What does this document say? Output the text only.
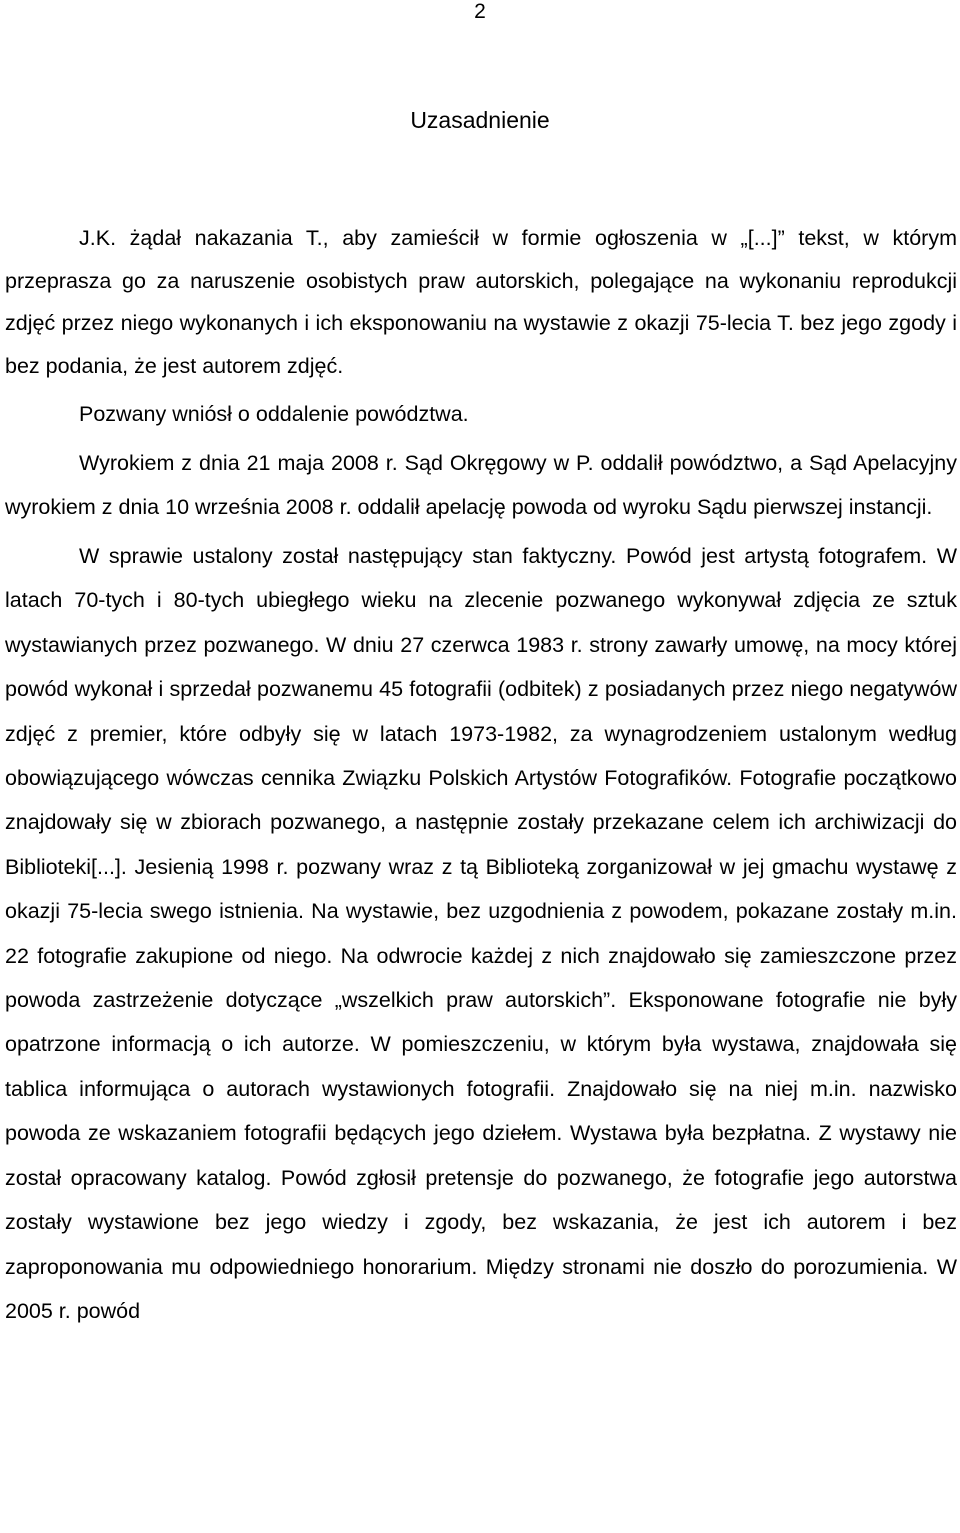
2
Uzasadnienie

J.K. żądał nakazania T., aby zamieścił w formie ogłoszenia w „[...]” tekst, w którym przeprasza go za naruszenie osobistych praw autorskich, polegające na wykonaniu reprodukcji zdjęć przez niego wykonanych i ich eksponowaniu na wystawie z okazji 75-lecia T. bez jego zgody i bez podania, że jest autorem zdjęć.

Pozwany wniósł o oddalenie powództwa.

Wyrokiem z dnia 21 maja 2008 r. Sąd Okręgowy w P. oddalił powództwo, a Sąd Apelacyjny wyrokiem z dnia 10 września 2008 r. oddalił apelację powoda od wyroku Sądu pierwszej instancji.

W sprawie ustalony został następujący stan faktyczny. Powód jest artystą fotografem. W latach 70-tych i 80-tych ubiegłego wieku na zlecenie pozwanego wykonywał zdjęcia ze sztuk wystawianych przez pozwanego. W dniu 27 czerwca 1983 r. strony zawarły umowę, na mocy której powód wykonał i sprzedał pozwanemu 45 fotografii (odbitek) z posiadanych przez niego negatywów zdjęć z premier, które odbyły się w latach 1973-1982, za wynagrodzeniem ustalonym według obowiązującego wówczas cennika Związku Polskich Artystów Fotografików. Fotografie początkowo znajdowały się w zbiorach pozwanego, a następnie zostały przekazane celem ich archiwizacji do Biblioteki[...]. Jesienią 1998 r. pozwany wraz z tą Biblioteką zorganizował w jej gmachu wystawę z okazji 75-lecia swego istnienia. Na wystawie, bez uzgodnienia z powodem, pokazane zostały m.in. 22 fotografie zakupione od niego. Na odwrocie każdej z nich znajdowało się zamieszczone przez powoda zastrzeżenie dotyczące „wszelkich praw autorskich”. Eksponowane fotografie nie były opatrzone informacją o ich autorze. W pomieszczeniu, w którym była wystawa, znajdowała się tablica informująca o autorach wystawionych fotografii. Znajdowało się na niej m.in. nazwisko powoda ze wskazaniem fotografii będących jego dziełem. Wystawa była bezpłatna. Z wystawy nie został opracowany katalog. Powód zgłosił pretensje do pozwanego, że fotografie jego autorstwa zostały wystawione bez jego wiedzy i zgody, bez wskazania, że jest ich autorem i bez zaproponowania mu odpowiedniego honorarium. Między stronami nie doszło do porozumienia. W 2005 r. powód
